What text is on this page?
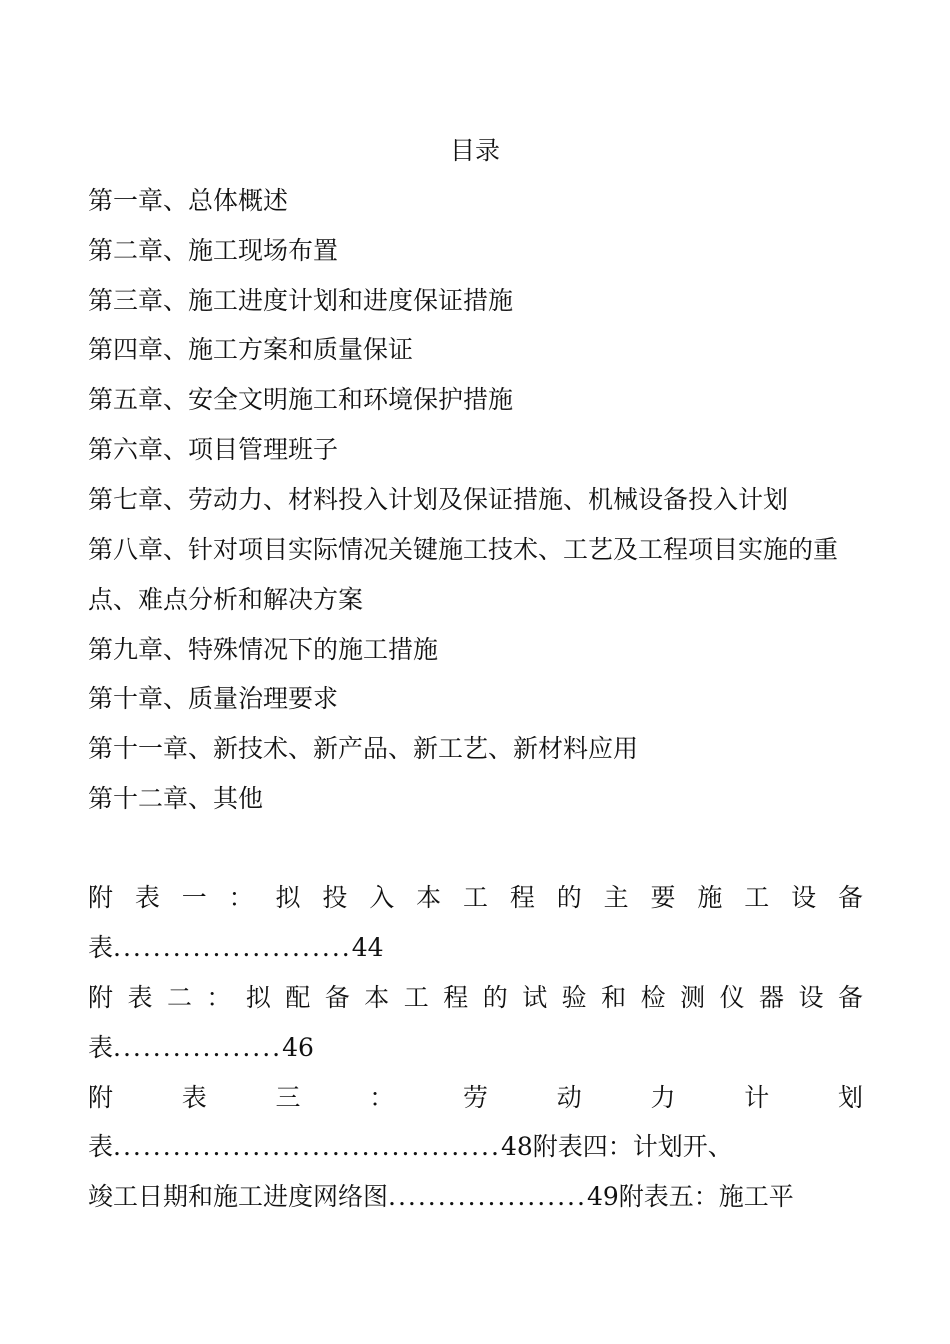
目录
第一章、总体概述
第二章、施工现场布置
第三章、施工进度计划和进度保证措施
第四章、施工方案和质量保证
第五章、安全文明施工和环境保护措施
第六章、项目管理班子
第七章、劳动力、材料投入计划及保证措施、机械设备投入计划
第八章、针对项目实际情况关键施工技术、工艺及工程项目实施的重
点、难点分析和解决方案
第九章、特殊情况下的施工措施
第十章、质量治理要求
第十一章、新技术、新产品、新工艺、新材料应用
第十二章、其他
附表一：拟投入本工程的主要施工设备
表........................44
附表二：拟配备本工程的试验和检测仪器设备
表.................46
附表三：劳动力计划
表.......................................48附表四：计划开、
竣工日期和施工进度网络图....................49附表五：施工平
